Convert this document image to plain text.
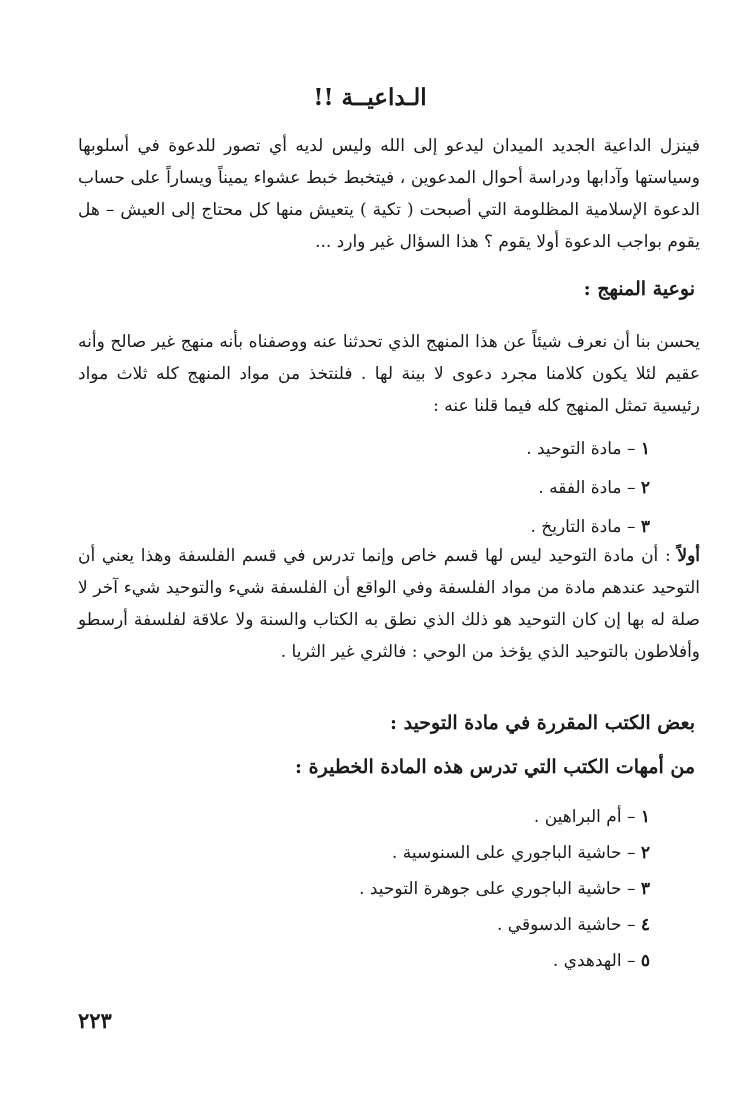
الـداعيــة !!

فينزل الداعية الجديد الميدان ليدعو إلى الله وليس لديه أي تصور للدعوة في أسلوبها وسياستها وآدابها ودراسة أحوال المدعوين ، فيتخبط خبط عشواء يميناً ويساراً على حساب الدعوة الإسلامية المظلومة التي أصبحت ( تكية ) يتعيش منها كل محتاج إلى العيش – هل يقوم بواجب الدعوة أولا يقوم ؟ هذا السؤال غير وارد ...

نوعية المنهج :

يحسن بنا أن نعرف شيئاً عن هذا المنهج الذي تحدثنا عنه ووصفناه بأنه منهج غير صالح وأنه عقيم لئلا يكون كلامنا مجرد دعوى لا بينة لها . فلنتخذ من مواد المنهج كله ثلاث مواد رئيسية تمثل المنهج كله فيما قلنا عنه :

١ – مادة التوحيد .
٢ – مادة الفقه .
٣ – مادة التاريخ .

أولاً : أن مادة التوحيد ليس لها قسم خاص وإنما تدرس في قسم الفلسفة وهذا يعني أن التوحيد عندهم مادة من مواد الفلسفة وفي الواقع أن الفلسفة شيء والتوحيد شيء آخر لا صلة له بها إن كان التوحيد هو ذلك الذي نطق به الكتاب والسنة ولا علاقة لفلسفة أرسطو وأفلاطون بالتوحيد الذي يؤخذ من الوحي : فالثري غير الثريا .

بعض الكتب المقررة في مادة التوحيد :
من أمهات الكتب التي تدرس هذه المادة الخطيرة :
١ – أم البراهين .
٢ – حاشية الباجوري على السنوسية .
٣ – حاشية الباجوري على جوهرة التوحيد .
٤ – حاشية الدسوقي .
٥ – الهدهدي .
٢٢٣
